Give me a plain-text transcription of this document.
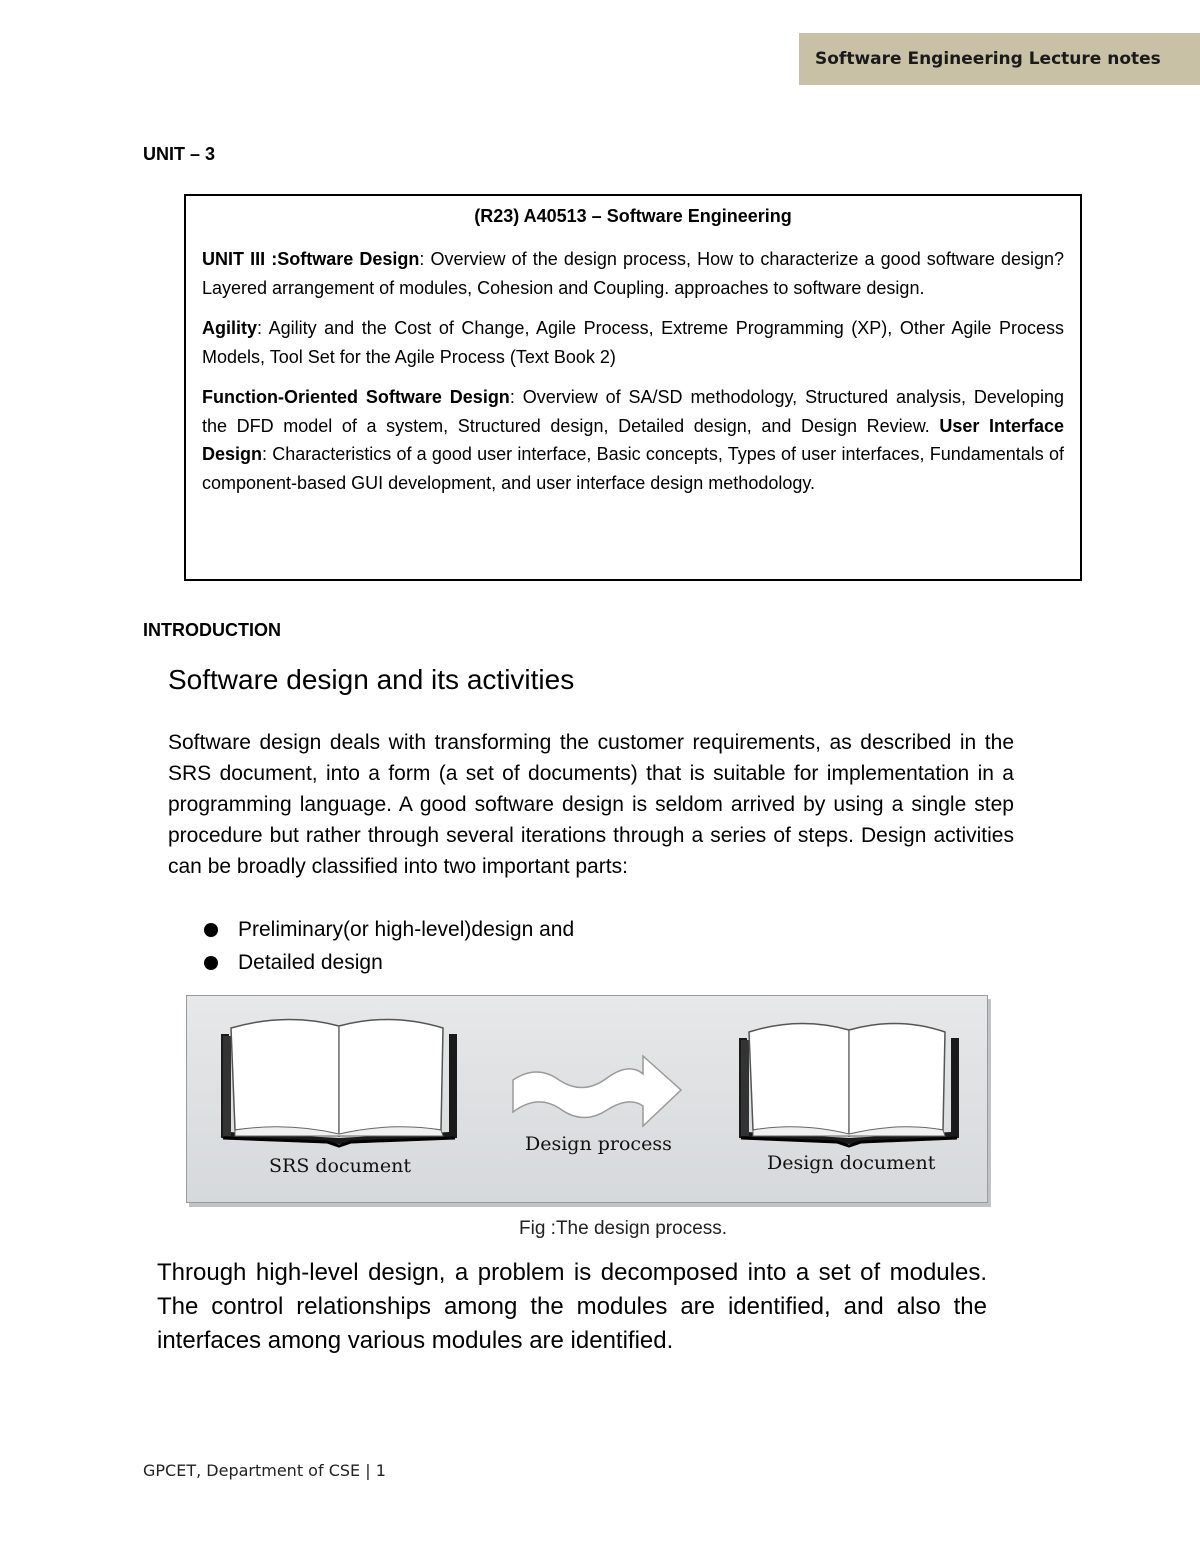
Software Engineering Lecture notes
UNIT – 3
(R23) A40513 – Software Engineering

UNIT III :Software Design: Overview of the design process, How to characterize a good software design? Layered arrangement of modules, Cohesion and Coupling. approaches to software design.

Agility: Agility and the Cost of Change, Agile Process, Extreme Programming (XP), Other Agile Process Models, Tool Set for the Agile Process (Text Book 2)

Function-Oriented Software Design: Overview of SA/SD methodology, Structured analysis, Developing the DFD model of a system, Structured design, Detailed design, and Design Review. User Interface Design: Characteristics of a good user interface, Basic concepts, Types of user interfaces, Fundamentals of component-based GUI development, and user interface design methodology.

INTRODUCTION
Software design and its activities

Software design deals with transforming the customer requirements, as described in the SRS document, into a form (a set of documents) that is suitable for implementation in a programming language. A good software design is seldom arrived by using a single step procedure but rather through several iterations through a series of steps. Design activities can be broadly classified into two important parts:

Preliminary(or high-level)design and
Detailed design
SRS document
Design process
Design document
Fig :The design process.

Through high-level design, a problem is decomposed into a set of modules. The control relationships among the modules are identified, and also the interfaces among various modules are identified.

GPCET, Department of CSE | 1
